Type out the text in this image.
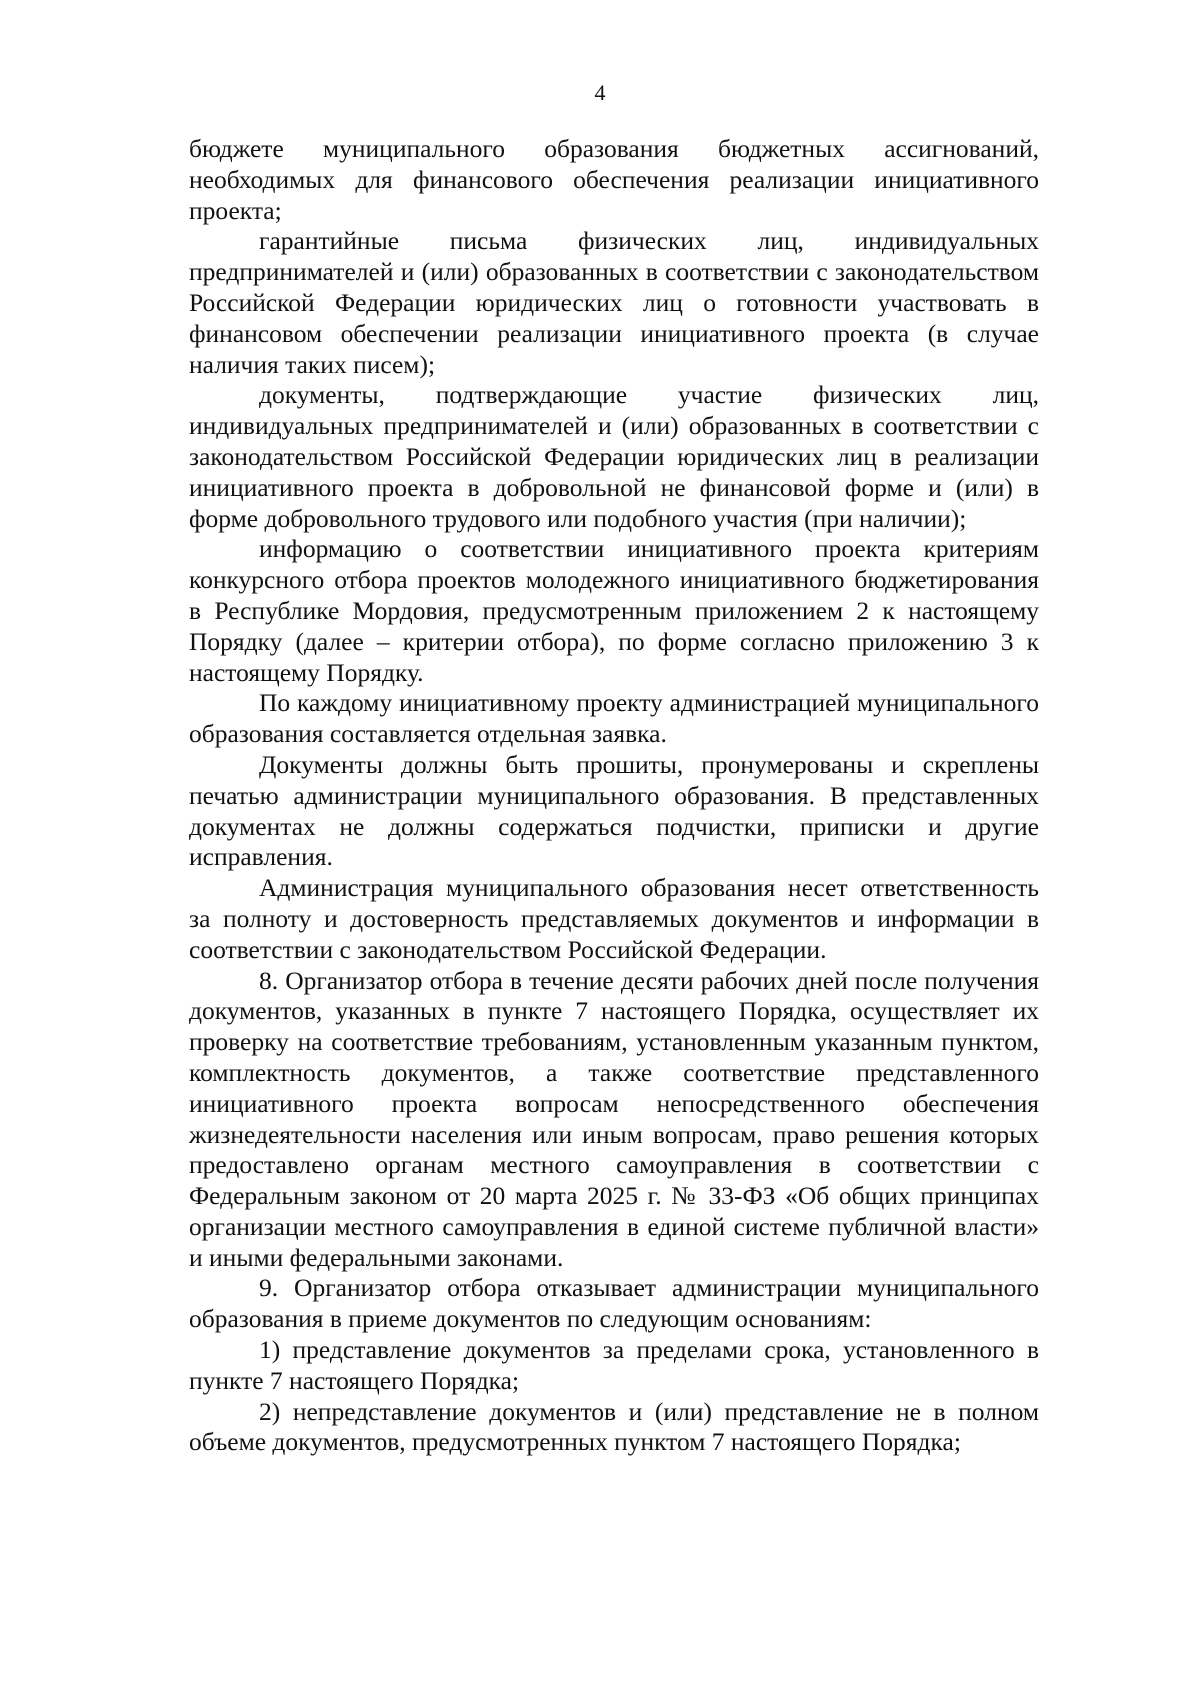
4

бюджете муниципального образования бюджетных ассигнований, необходимых для финансового обеспечения реализации инициативного проекта;

гарантийные письма физических лиц, индивидуальных предпринимателей и (или) образованных в соответствии с законодательством Российской Федерации юридических лиц о готовности участвовать в финансовом обеспечении реализации инициативного проекта (в случае наличия таких писем);

документы, подтверждающие участие физических лиц, индивидуальных предпринимателей и (или) образованных в соответствии с законодательством Российской Федерации юридических лиц в реализации инициативного проекта в добровольной не финансовой форме и (или) в форме добровольного трудового или подобного участия (при наличии);

информацию о соответствии инициативного проекта критериям конкурсного отбора проектов молодежного инициативного бюджетирования в Республике Мордовия, предусмотренным приложением 2 к настоящему Порядку (далее – критерии отбора), по форме согласно приложению 3 к настоящему Порядку.

По каждому инициативному проекту администрацией муниципального образования составляется отдельная заявка.

Документы должны быть прошиты, пронумерованы и скреплены печатью администрации муниципального образования. В представленных документах не должны содержаться подчистки, приписки и другие исправления.

Администрация муниципального образования несет ответственность за полноту и достоверность представляемых документов и информации в соответствии с законодательством Российской Федерации.

8. Организатор отбора в течение десяти рабочих дней после получения документов, указанных в пункте 7 настоящего Порядка, осуществляет их проверку на соответствие требованиям, установленным указанным пунктом, комплектность документов, а также соответствие представленного инициативного проекта вопросам непосредственного обеспечения жизнедеятельности населения или иным вопросам, право решения которых предоставлено органам местного самоуправления в соответствии с Федеральным законом от 20 марта 2025 г. № 33-ФЗ «Об общих принципах организации местного самоуправления в единой системе публичной власти» и иными федеральными законами.

9. Организатор отбора отказывает администрации муниципального образования в приеме документов по следующим основаниям:

1) представление документов за пределами срока, установленного в пункте 7 настоящего Порядка;

2) непредставление документов и (или) представление не в полном объеме документов, предусмотренных пунктом 7 настоящего Порядка;
